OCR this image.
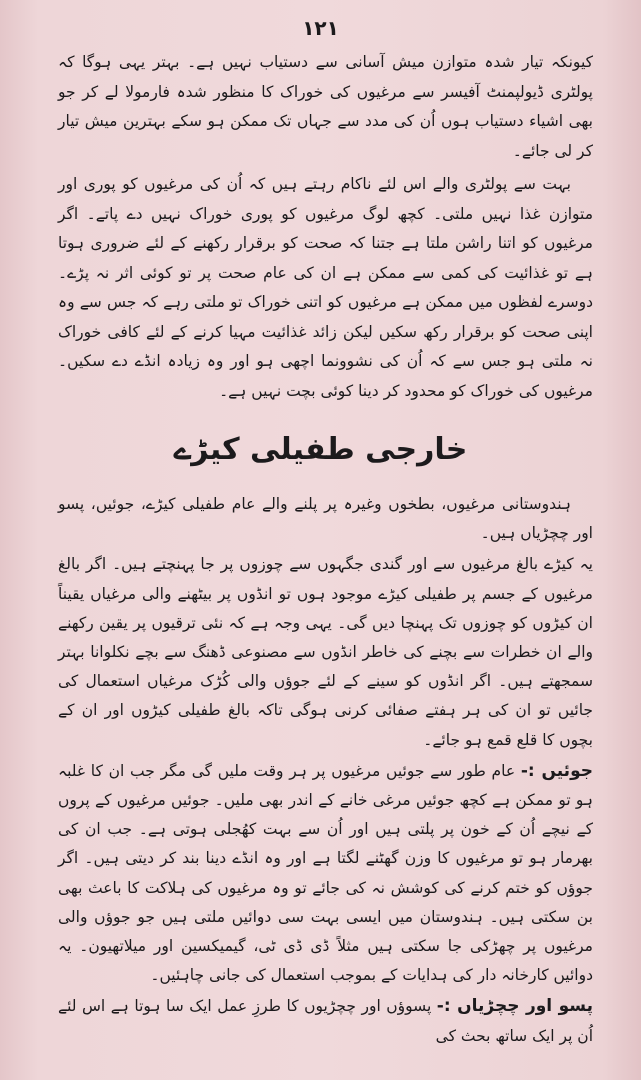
۱۲۱

کیونکہ تیار شدہ متوازن میش آسانی سے دستیاب نہیں ہے۔ بہتر یہی ہوگا کہ پولٹری ڈیولپمنٹ آفیسر سے مرغیوں کی خوراک کا منظور شدہ فارمولا لے کر جو بھی اشیاء دستیاب ہوں اُن کی مدد سے جہاں تک ممکن ہو سکے بہترین میش تیار کر لی جائے۔

بہت سے پولٹری والے اس لئے ناکام رہتے ہیں کہ اُن کی مرغیوں کو پوری اور متوازن غذا نہیں ملتی۔ کچھ لوگ مرغیوں کو پوری خوراک نہیں دے پاتے۔ اگر مرغیوں کو اتنا راشن ملتا ہے جتنا کہ صحت کو برقرار رکھنے کے لئے ضروری ہوتا ہے تو غذائیت کی کمی سے ممکن ہے ان کی عام صحت پر تو کوئی اثر نہ پڑے۔ دوسرے لفظوں میں ممکن ہے مرغیوں کو اتنی خوراک تو ملتی رہے کہ جس سے وہ اپنی صحت کو برقرار رکھ سکیں لیکن زائد غذائیت مہیا کرنے کے لئے کافی خوراک نہ ملتی ہو جس سے کہ اُن کی نشوونما اچھی ہو اور وہ زیادہ انڈے دے سکیں۔ مرغیوں کی خوراک کو محدود کر دینا کوئی بچت نہیں ہے۔

خارجی طفیلی کیڑے

ہندوستانی مرغیوں، بطخوں وغیرہ پر پلنے والے عام طفیلی کیڑے، جوئیں، پسو اور چچڑیاں ہیں۔

یہ کیڑے بالغ مرغیوں سے اور گندی جگہوں سے چوزوں پر جا پہنچتے ہیں۔ اگر بالغ مرغیوں کے جسم پر طفیلی کیڑے موجود ہوں تو انڈوں پر بیٹھنے والی مرغیاں یقیناً ان کیڑوں کو چوزوں تک پہنچا دیں گی۔ یہی وجہ ہے کہ نئی ترقیوں پر یقین رکھنے والے ان خطرات سے بچنے کی خاطر انڈوں سے مصنوعی ڈھنگ سے بچے نکلوانا بہتر سمجھتے ہیں۔ اگر انڈوں کو سینے کے لئے جوؤں والی کُڑک مرغیاں استعمال کی جائیں تو ان کی ہر ہفتے صفائی کرنی ہوگی تاکہ بالغ طفیلی کیڑوں اور ان کے بچوں کا قلع قمع ہو جائے۔

جوئیں :- عام طور سے جوئیں مرغیوں پر ہر وقت ملیں گی مگر جب ان کا غلبہ ہو تو ممکن ہے کچھ جوئیں مرغی خانے کے اندر بھی ملیں۔ جوئیں مرغیوں کے پروں کے نیچے اُن کے خون پر پلتی ہیں اور اُن سے بہت کھُجلی ہوتی ہے۔ جب ان کی بھرمار ہو تو مرغیوں کا وزن گھٹنے لگتا ہے اور وہ انڈے دینا بند کر دیتی ہیں۔ اگر جوؤں کو ختم کرنے کی کوشش نہ کی جائے تو وہ مرغیوں کی ہلاکت کا باعث بھی بن سکتی ہیں۔ ہندوستان میں ایسی بہت سی دوائیں ملتی ہیں جو جوؤں والی مرغیوں پر چھڑکی جا سکتی ہیں مثلاً ڈی ڈی ٹی، گیمیکسین اور میلاتھیون۔ یہ دوائیں کارخانہ دار کی ہدایات کے بموجب استعمال کی جانی چاہئیں۔

پسو اور چچڑیاں :- پسوؤں اور چچڑیوں کا طرزِ عمل ایک سا ہوتا ہے اس لئے اُن پر ایک ساتھ بحث کی
